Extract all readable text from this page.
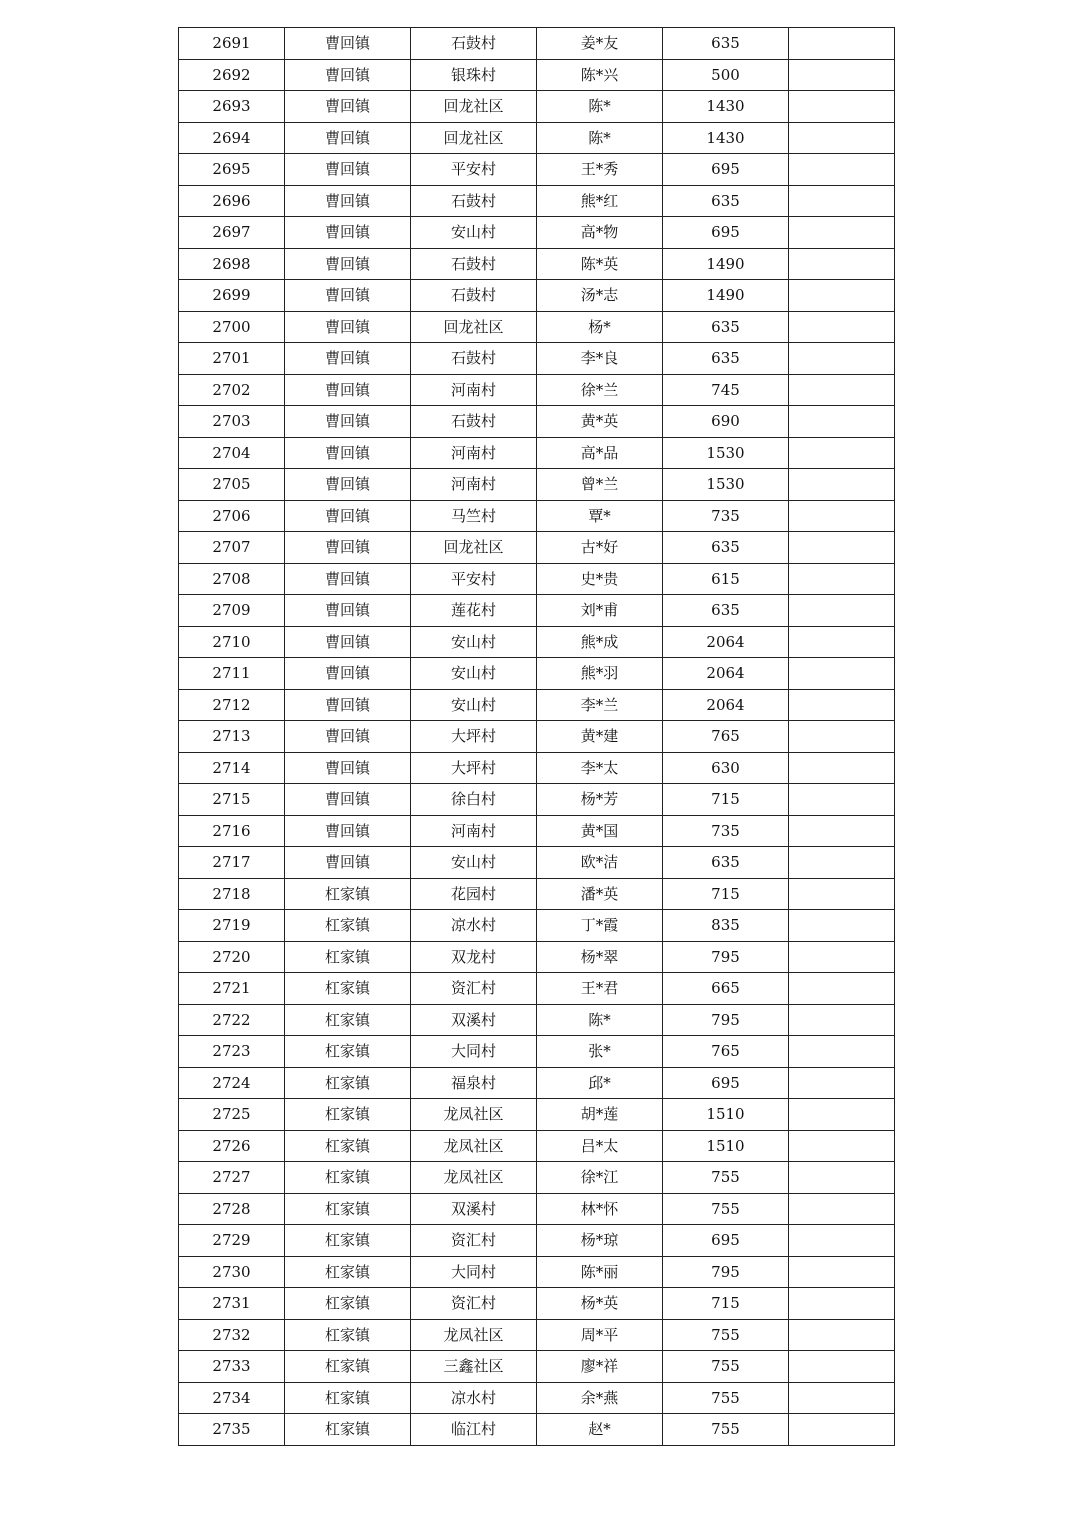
2691	曹回镇	石鼓村	姜*友	635	
2692	曹回镇	银珠村	陈*兴	500	
2693	曹回镇	回龙社区	陈*	1430	
2694	曹回镇	回龙社区	陈*	1430	
2695	曹回镇	平安村	王*秀	695	
2696	曹回镇	石鼓村	熊*红	635	
2697	曹回镇	安山村	高*物	695	
2698	曹回镇	石鼓村	陈*英	1490	
2699	曹回镇	石鼓村	汤*志	1490	
2700	曹回镇	回龙社区	杨*	635	
2701	曹回镇	石鼓村	李*良	635	
2702	曹回镇	河南村	徐*兰	745	
2703	曹回镇	石鼓村	黄*英	690	
2704	曹回镇	河南村	高*品	1530	
2705	曹回镇	河南村	曾*兰	1530	
2706	曹回镇	马竺村	覃*	735	
2707	曹回镇	回龙社区	古*好	635	
2708	曹回镇	平安村	史*贵	615	
2709	曹回镇	莲花村	刘*甫	635	
2710	曹回镇	安山村	熊*成	2064	
2711	曹回镇	安山村	熊*羽	2064	
2712	曹回镇	安山村	李*兰	2064	
2713	曹回镇	大坪村	黄*建	765	
2714	曹回镇	大坪村	李*太	630	
2715	曹回镇	徐白村	杨*芳	715	
2716	曹回镇	河南村	黄*国	735	
2717	曹回镇	安山村	欧*洁	635	
2718	杠家镇	花园村	潘*英	715	
2719	杠家镇	凉水村	丁*霞	835	
2720	杠家镇	双龙村	杨*翠	795	
2721	杠家镇	资汇村	王*君	665	
2722	杠家镇	双溪村	陈*	795	
2723	杠家镇	大同村	张*	765	
2724	杠家镇	福泉村	邱*	695	
2725	杠家镇	龙凤社区	胡*莲	1510	
2726	杠家镇	龙凤社区	吕*太	1510	
2727	杠家镇	龙凤社区	徐*江	755	
2728	杠家镇	双溪村	林*怀	755	
2729	杠家镇	资汇村	杨*琼	695	
2730	杠家镇	大同村	陈*丽	795	
2731	杠家镇	资汇村	杨*英	715	
2732	杠家镇	龙凤社区	周*平	755	
2733	杠家镇	三鑫社区	廖*祥	755	
2734	杠家镇	凉水村	余*燕	755	
2735	杠家镇	临江村	赵*	755	
